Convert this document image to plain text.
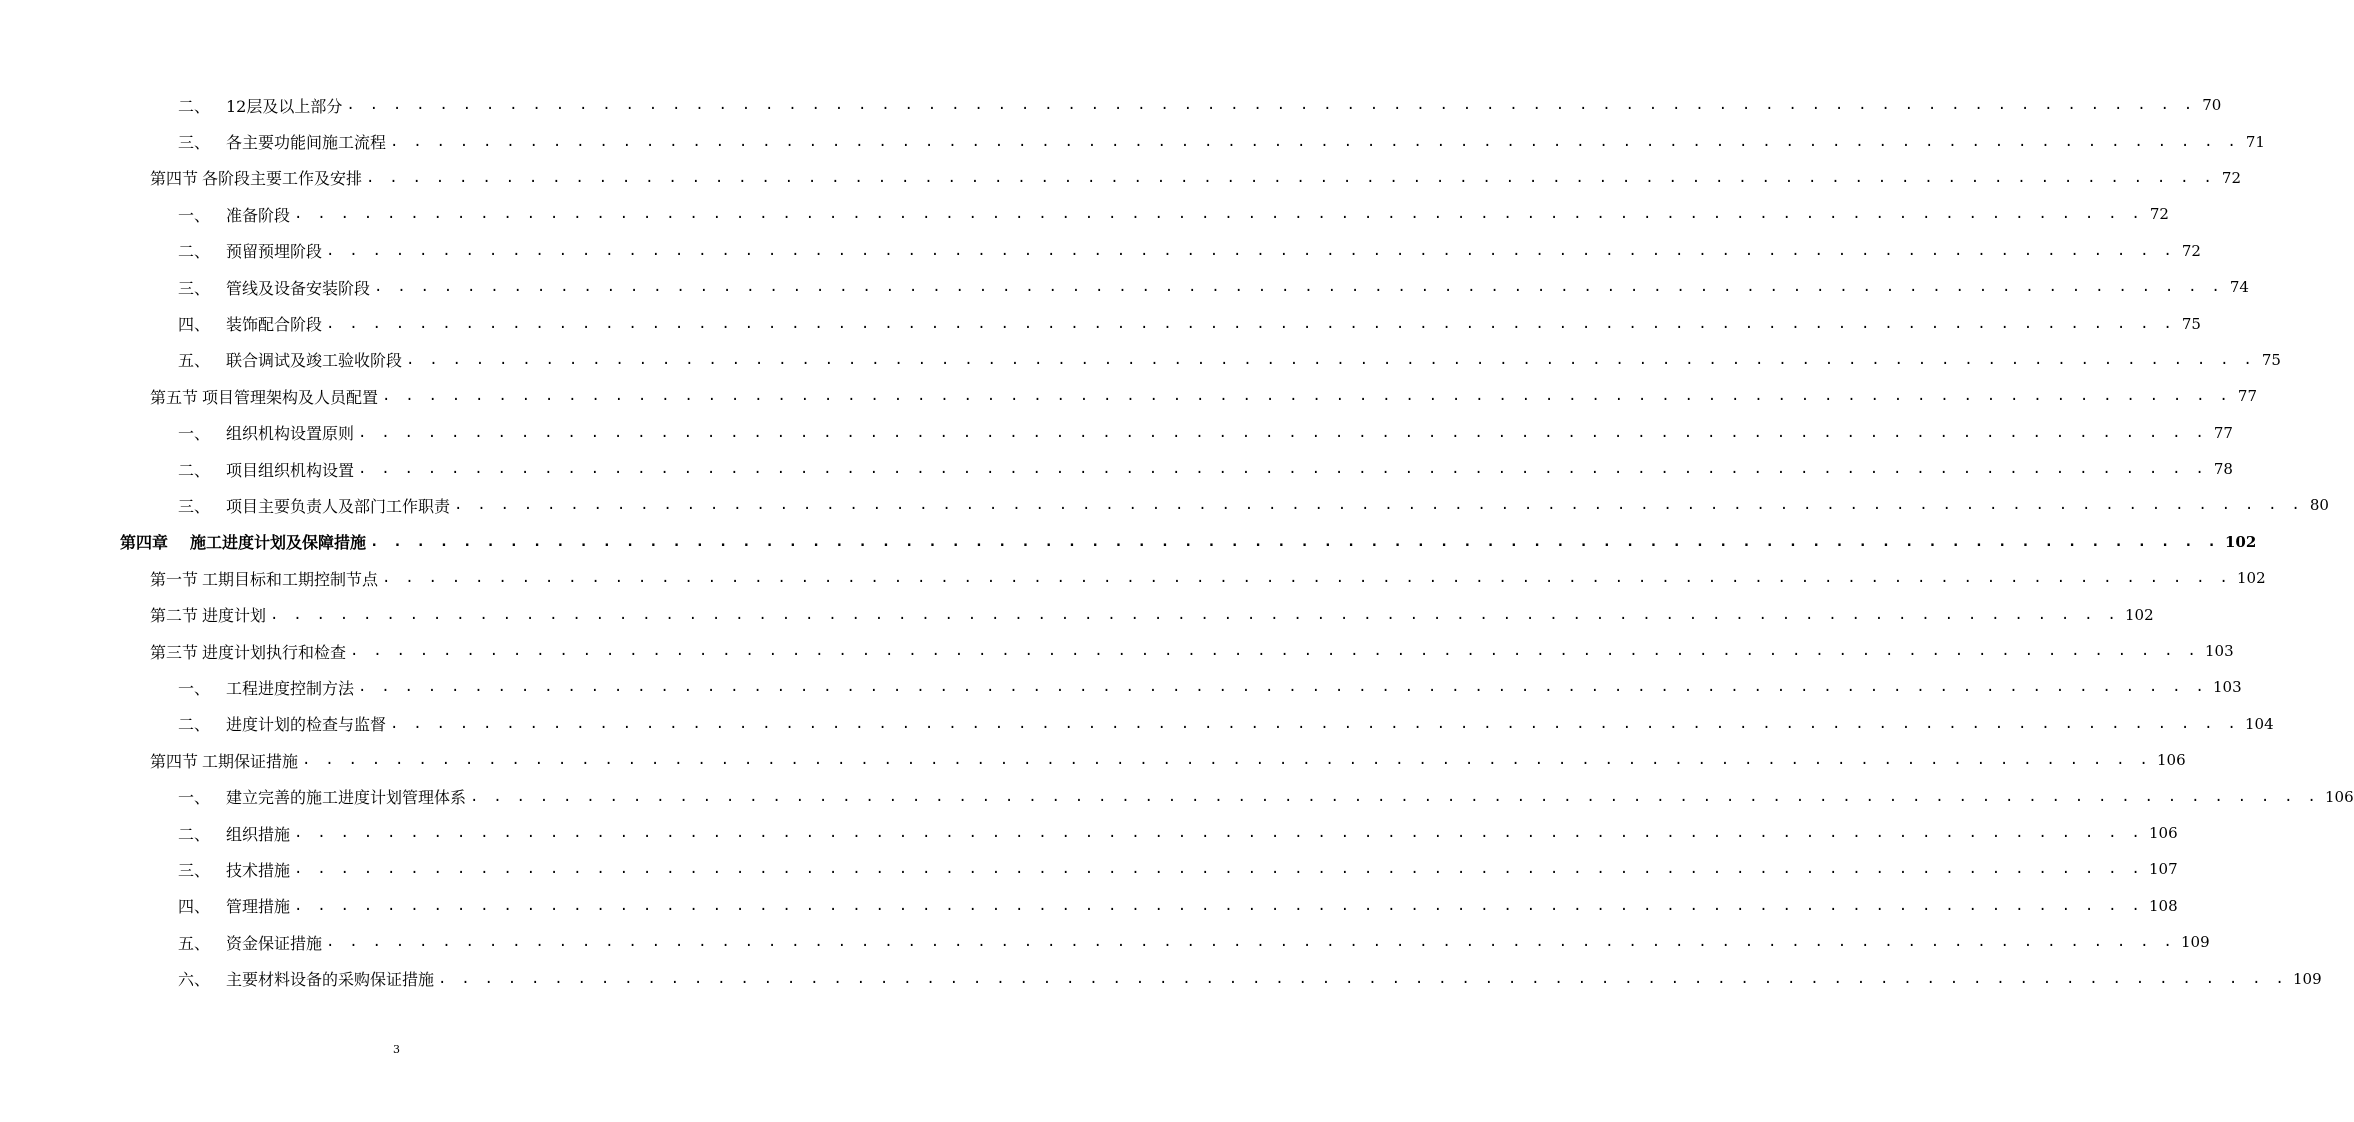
二、 12层及以上部分 . . . . . . . . . . . . . . . . . . . . . . . . . . . . . . . . . . . . . . . . . . . . . . . . . . . . . . . . . . . . . . . . . . . . . . . . . . . . . . . . 70
三、 各主要功能间施工流程 . . . . . . . . . . . . . . . . . . . . . . . . . . . . . . . . . . . . . . . . . . . . . . . . . . . . . . . . . . . . . . . . . . . . . . . . . . . . . . . . 71
第四节 各阶段主要工作及安排 . . . . . . . . . . . . . . . . . . . . . . . . . . . . . . . . . . . . . . . . . . . . . . . . . . . . . . . . . . . . . . . . . . . . . . . . . . . . . . . . 72
一、 准备阶段 . . . . . . . . . . . . . . . . . . . . . . . . . . . . . . . . . . . . . . . . . . . . . . . . . . . . . . . . . . . . . . . . . . . . . . . . . . . . . . . . 72
二、 预留预埋阶段 . . . . . . . . . . . . . . . . . . . . . . . . . . . . . . . . . . . . . . . . . . . . . . . . . . . . . . . . . . . . . . . . . . . . . . . . . . . . . . . . 72
三、 管线及设备安装阶段 . . . . . . . . . . . . . . . . . . . . . . . . . . . . . . . . . . . . . . . . . . . . . . . . . . . . . . . . . . . . . . . . . . . . . . . . . . . . . . . . 74
四、 装饰配合阶段 . . . . . . . . . . . . . . . . . . . . . . . . . . . . . . . . . . . . . . . . . . . . . . . . . . . . . . . . . . . . . . . . . . . . . . . . . . . . . . . . 75
五、 联合调试及竣工验收阶段 . . . . . . . . . . . . . . . . . . . . . . . . . . . . . . . . . . . . . . . . . . . . . . . . . . . . . . . . . . . . . . . . . . . . . . . . . . . . . . . . 75
第五节 项目管理架构及人员配置 . . . . . . . . . . . . . . . . . . . . . . . . . . . . . . . . . . . . . . . . . . . . . . . . . . . . . . . . . . . . . . . . . . . . . . . . . . . . . . . . 77
一、 组织机构设置原则 . . . . . . . . . . . . . . . . . . . . . . . . . . . . . . . . . . . . . . . . . . . . . . . . . . . . . . . . . . . . . . . . . . . . . . . . . . . . . . . . 77
二、 项目组织机构设置 . . . . . . . . . . . . . . . . . . . . . . . . . . . . . . . . . . . . . . . . . . . . . . . . . . . . . . . . . . . . . . . . . . . . . . . . . . . . . . . . 78
三、 项目主要负责人及部门工作职责 . . . . . . . . . . . . . . . . . . . . . . . . . . . . . . . . . . . . . . . . . . . . . . . . . . . . . . . . . . . . . . . . . . . . . . . . . . . . . . . . 80
第四章 施工进度计划及保障措施 . . . . . . . . . . . . . . . . . . . . . . . . . . . . . . . . . . . . . . . . . . . . . . . . . . . . . . . . . . . . . . . . . . . . . . . . . . . . . . . . 102
第一节 工期目标和工期控制节点 . . . . . . . . . . . . . . . . . . . . . . . . . . . . . . . . . . . . . . . . . . . . . . . . . . . . . . . . . . . . . . . . . . . . . . . . . . . . . . . . 102
第二节 进度计划 . . . . . . . . . . . . . . . . . . . . . . . . . . . . . . . . . . . . . . . . . . . . . . . . . . . . . . . . . . . . . . . . . . . . . . . . . . . . . . . . 102
第三节 进度计划执行和检查 . . . . . . . . . . . . . . . . . . . . . . . . . . . . . . . . . . . . . . . . . . . . . . . . . . . . . . . . . . . . . . . . . . . . . . . . . . . . . . . . 103
一、 工程进度控制方法 . . . . . . . . . . . . . . . . . . . . . . . . . . . . . . . . . . . . . . . . . . . . . . . . . . . . . . . . . . . . . . . . . . . . . . . . . . . . . . . . 103
二、 进度计划的检查与监督 . . . . . . . . . . . . . . . . . . . . . . . . . . . . . . . . . . . . . . . . . . . . . . . . . . . . . . . . . . . . . . . . . . . . . . . . . . . . . . . . 104
第四节 工期保证措施 . . . . . . . . . . . . . . . . . . . . . . . . . . . . . . . . . . . . . . . . . . . . . . . . . . . . . . . . . . . . . . . . . . . . . . . . . . . . . . . . 106
一、 建立完善的施工进度计划管理体系 . . . . . . . . . . . . . . . . . . . . . . . . . . . . . . . . . . . . . . . . . . . . . . . . . . . . . . . . . . . . . . . . . . . . . . . . . . . . . . . . 106
二、 组织措施 . . . . . . . . . . . . . . . . . . . . . . . . . . . . . . . . . . . . . . . . . . . . . . . . . . . . . . . . . . . . . . . . . . . . . . . . . . . . . . . . 106
三、 技术措施 . . . . . . . . . . . . . . . . . . . . . . . . . . . . . . . . . . . . . . . . . . . . . . . . . . . . . . . . . . . . . . . . . . . . . . . . . . . . . . . . 107
四、 管理措施 . . . . . . . . . . . . . . . . . . . . . . . . . . . . . . . . . . . . . . . . . . . . . . . . . . . . . . . . . . . . . . . . . . . . . . . . . . . . . . . . 108
五、 资金保证措施 . . . . . . . . . . . . . . . . . . . . . . . . . . . . . . . . . . . . . . . . . . . . . . . . . . . . . . . . . . . . . . . . . . . . . . . . . . . . . . . . 109
六、 主要材料设备的采购保证措施 . . . . . . . . . . . . . . . . . . . . . . . . . . . . . . . . . . . . . . . . . . . . . . . . . . . . . . . . . . . . . . . . . . . . . . . . . . . . . . . . 109
3
